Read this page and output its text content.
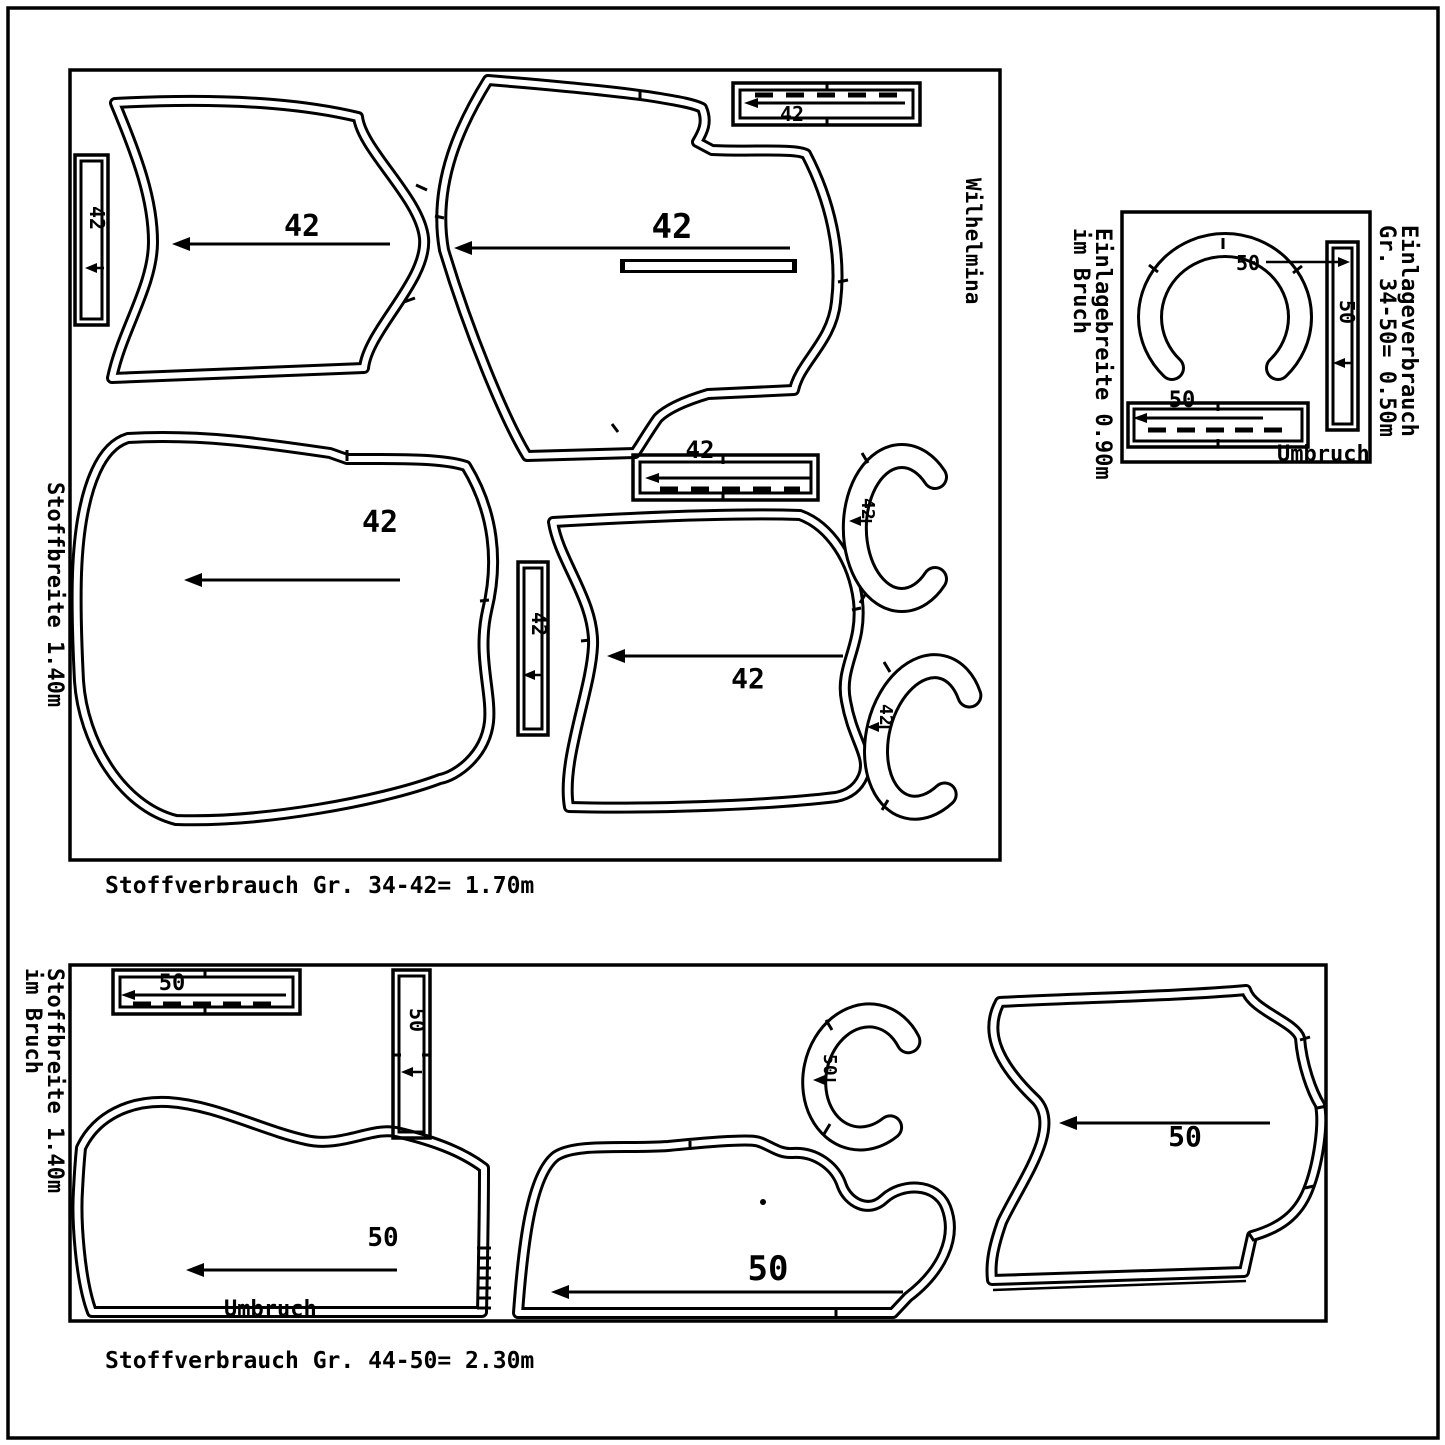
42	42
42
42
42
42
42
42
42
42
Wilhelmina
Stoffbreite 1.40m
Stoffverbrauch Gr. 34-42= 1.70m
50
50
50
Umbruch
Einlagebreite 0.90m
im Bruch	Einlageverbrauch
Gr. 34-50= 0.50m
50
50
50
50
Umbruch
50
50
Stoffbreite 1.40m
im Bruch
Stoffverbrauch Gr. 44-50= 2.30m
